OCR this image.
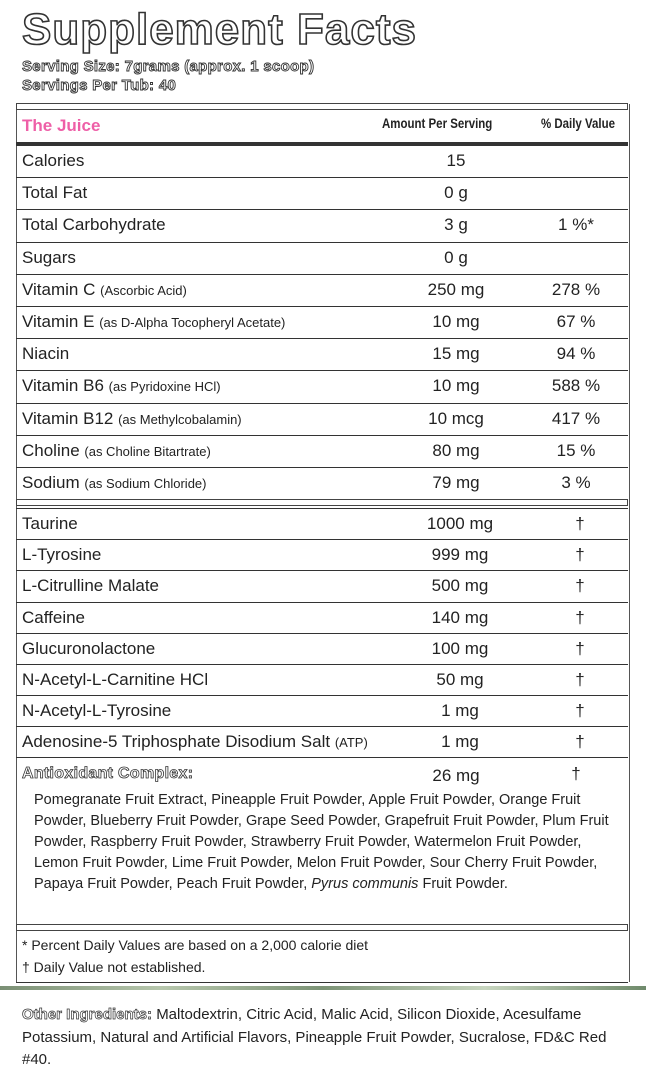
Supplement Facts
Serving Size: 7grams (approx. 1 scoop)
Servings Per Tub: 40
The Juice	Amount Per Serving	% Daily Value
Calories	15
Total Fat	0 g
Total Carbohydrate	3 g	1 %*
Sugars	0 g
Vitamin C (Ascorbic Acid)	250 mg	278 %
Vitamin E (as D-Alpha Tocopheryl Acetate)	10 mg	67 %
Niacin	15 mg	94 %
Vitamin B6 (as Pyridoxine HCl)	10 mg	588 %
Vitamin B12 (as Methylcobalamin)	10 mcg	417 %
Choline (as Choline Bitartrate)	80 mg	15 %
Sodium (as Sodium Chloride)	79 mg	3 %
Taurine	1000 mg	†
L-Tyrosine	999 mg	†
L-Citrulline Malate	500 mg	†
Caffeine	140 mg	†
Glucuronolactone	100 mg	†
N-Acetyl-L-Carnitine HCl	50 mg	†
N-Acetyl-L-Tyrosine	1 mg	†
Adenosine-5 Triphosphate Disodium Salt (ATP)	1 mg	†
Antioxidant Complex:	26 mg	†
Pomegranate Fruit Extract, Pineapple Fruit Powder, Apple Fruit Powder, Orange Fruit Powder, Blueberry Fruit Powder, Grape Seed Powder, Grapefruit Fruit Powder, Plum Fruit Powder, Raspberry Fruit Powder, Strawberry Fruit Powder, Watermelon Fruit Powder, Lemon Fruit Powder, Lime Fruit Powder, Melon Fruit Powder, Sour Cherry Fruit Powder, Papaya Fruit Powder, Peach Fruit Powder, Pyrus communis Fruit Powder.
* Percent Daily Values are based on a 2,000 calorie diet
† Daily Value not established.
Other Ingredients: Maltodextrin, Citric Acid, Malic Acid, Silicon Dioxide, Acesulfame Potassium, Natural and Artificial Flavors, Pineapple Fruit Powder, Sucralose, FD&C Red #40.
